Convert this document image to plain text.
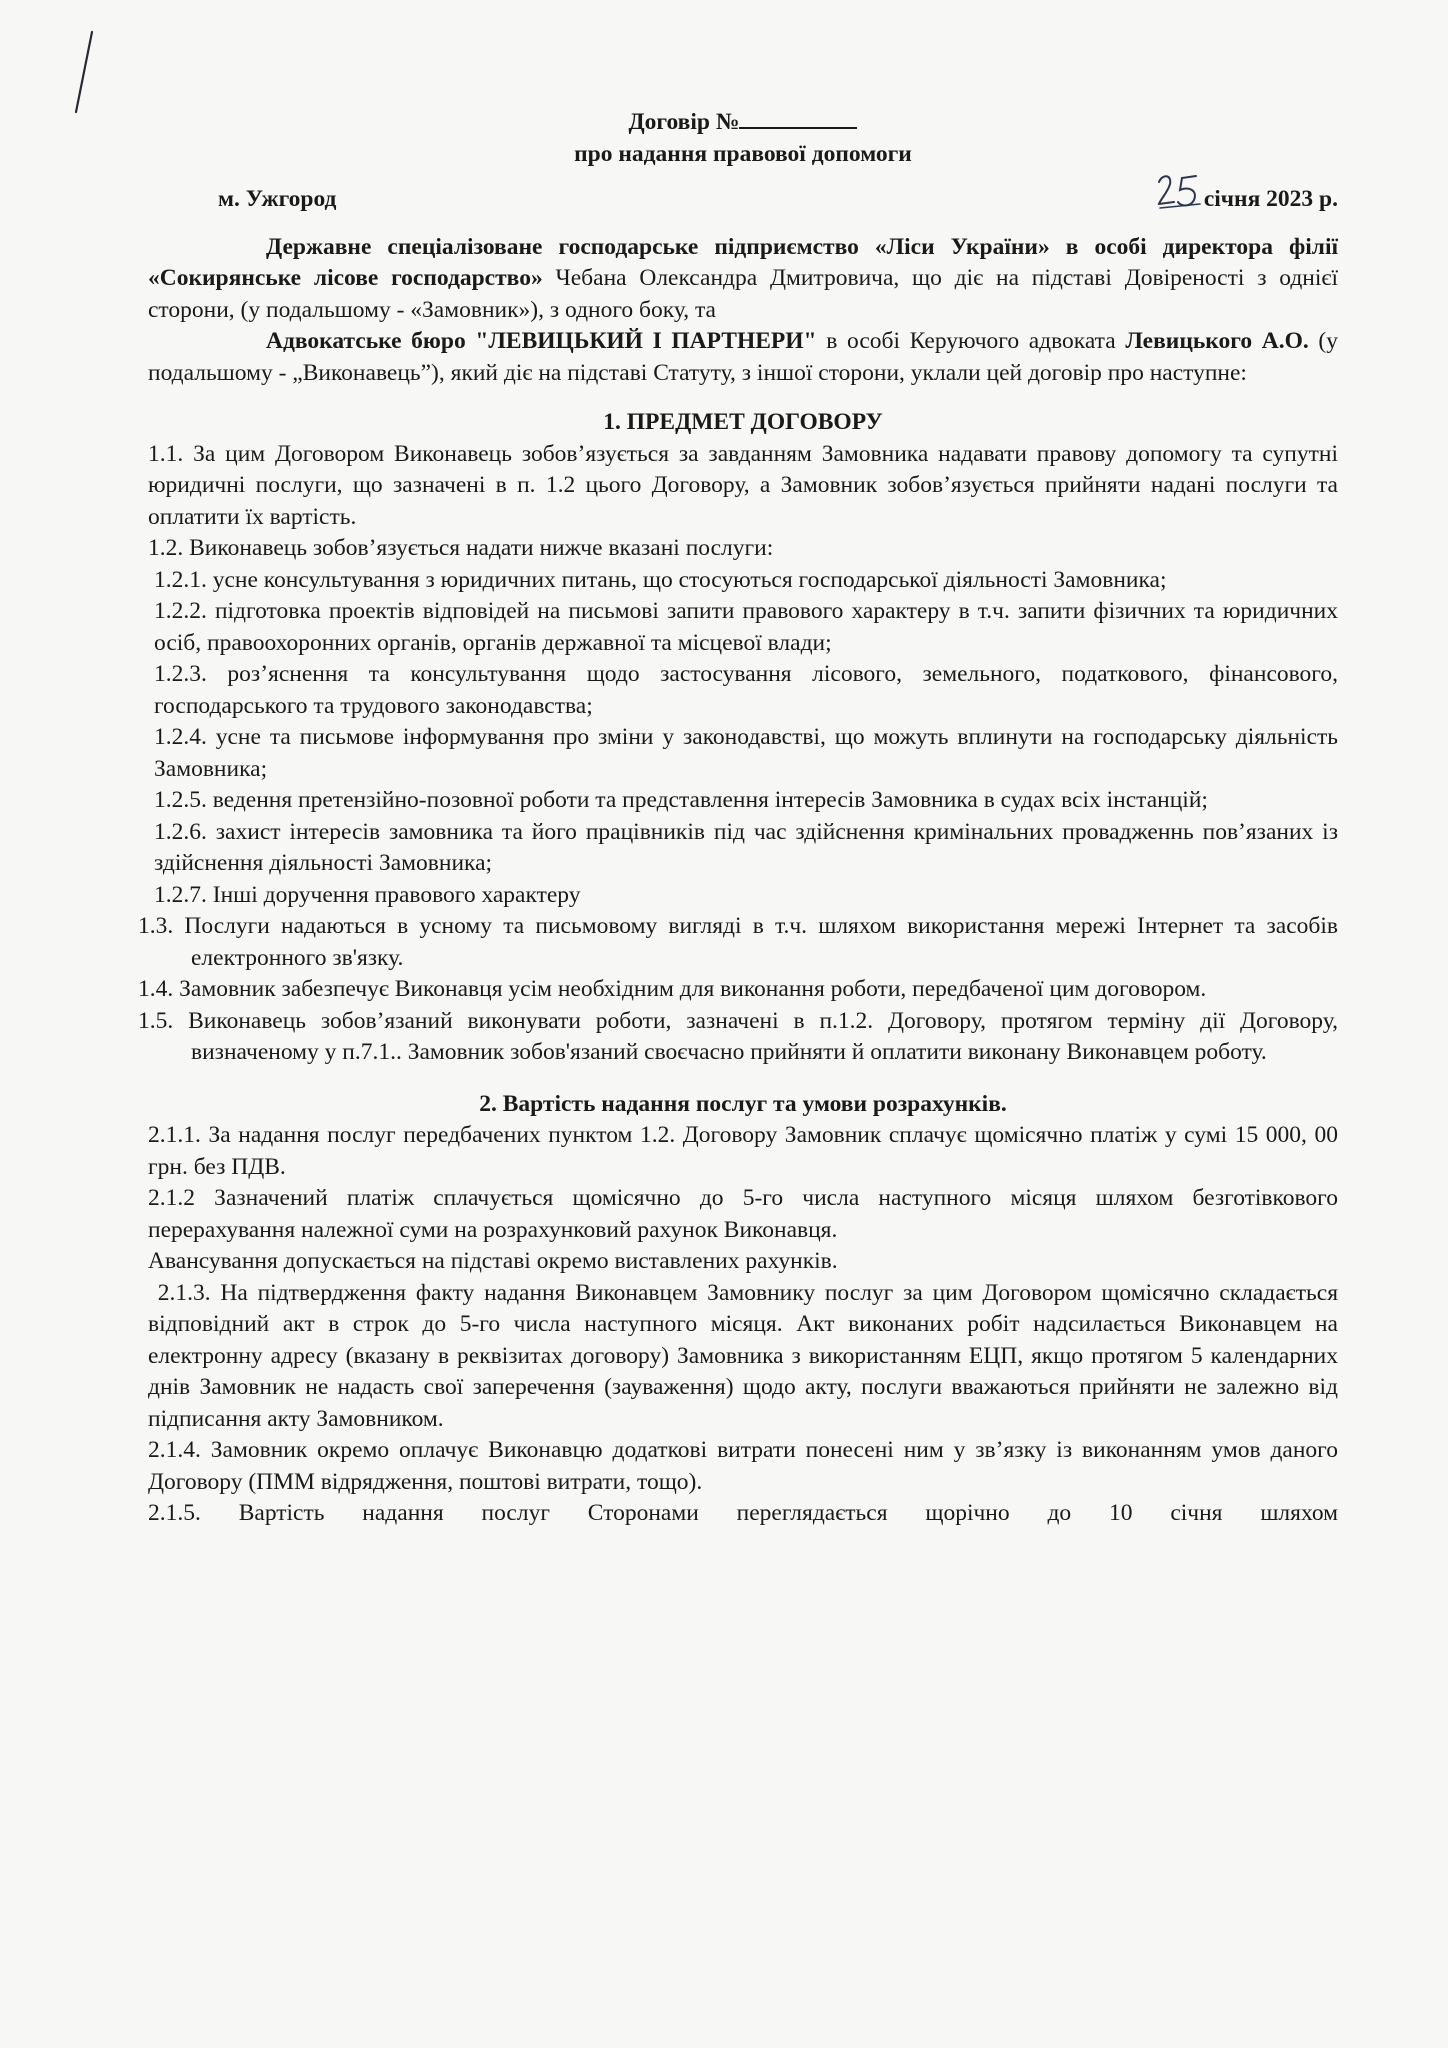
Договір №
про надання правової допомоги
м. Ужгород	січня 2023 р.
Державне спеціалізоване господарське підприємство «Ліси України» в особі директора філії «Сокирянське лісове господарство» Чебана Олександра Дмитровича, що діє на підставі Довіреності з однієї сторони, (у подальшому - «Замовник»), з одного боку, та
Адвокатське бюро "ЛЕВИЦЬКИЙ І ПАРТНЕРИ" в особі Керуючого адвоката Левицького А.О. (у подальшому - „Виконавець”), який діє на підставі Статуту, з іншої сторони, уклали цей договір про наступне:
1. ПРЕДМЕТ ДОГОВОРУ
1.1. За цим Договором Виконавець зобов’язується за завданням Замовника надавати правову допомогу та супутні юридичні послуги, що зазначені в п. 1.2 цього Договору, а Замовник зобов’язується прийняти надані послуги та оплатити їх вартість.
1.2. Виконавець зобов’язується надати нижче вказані послуги:
1.2.1. усне консультування з юридичних питань, що стосуються господарської діяльності Замовника;
1.2.2. підготовка проектів відповідей на письмові запити правового характеру в т.ч. запити фізичних та юридичних осіб, правоохоронних органів, органів державної та місцевої влади;
1.2.3. роз’яснення та консультування щодо застосування лісового, земельного, податкового, фінансового, господарського та трудового законодавства;
1.2.4. усне та письмове інформування про зміни у законодавстві, що можуть вплинути на господарську діяльність Замовника;
1.2.5. ведення претензійно-позовної роботи та представлення інтересів Замовника в судах всіх інстанцій;
1.2.6. захист інтересів замовника та його працівників під час здійснення кримінальних провадженнь пов’язаних із здійснення діяльності Замовника;
1.2.7. Інші доручення правового характеру
1.3. Послуги надаються в усному та письмовому вигляді в т.ч. шляхом використання мережі Інтернет та засобів електронного зв'язку.
1.4. Замовник забезпечує Виконавця усім необхідним для виконання роботи, передбаченої цим договором.
1.5. Виконавець зобов’язаний виконувати роботи, зазначені в п.1.2. Договору, протягом терміну дії Договору, визначеному у п.7.1.. Замовник зобов'язаний своєчасно прийняти й оплатити виконану Виконавцем роботу.
2. Вартість надання послуг та умови розрахунків.
2.1.1. За надання послуг передбачених пунктом 1.2. Договору Замовник сплачує щомісячно платіж у сумі 15 000, 00 грн. без ПДВ.
2.1.2 Зазначений платіж сплачується щомісячно до 5-го числа наступного місяця шляхом безготівкового перерахування належної суми на розрахунковий рахунок Виконавця.
Авансування допускається на підставі окремо виставлених рахунків.
2.1.3. На підтвердження факту надання Виконавцем Замовнику послуг за цим Договором щомісячно складається відповідний акт в строк до 5-го числа наступного місяця. Акт виконаних робіт надсилається Виконавцем на електронну адресу (вказану в реквізитах договору) Замовника з використанням ЕЦП, якщо протягом 5 календарних днів Замовник не надасть свої заперечення (зауваження) щодо акту, послуги вважаються прийняти не залежно від підписання акту Замовником.
2.1.4. Замовник окремо оплачує Виконавцю додаткові витрати понесені ним у зв’язку із виконанням умов даного Договору (ПММ відрядження, поштові витрати, тощо).
2.1.5. Вартість надання послуг Сторонами переглядається щорічно до 10 січня шляхом
